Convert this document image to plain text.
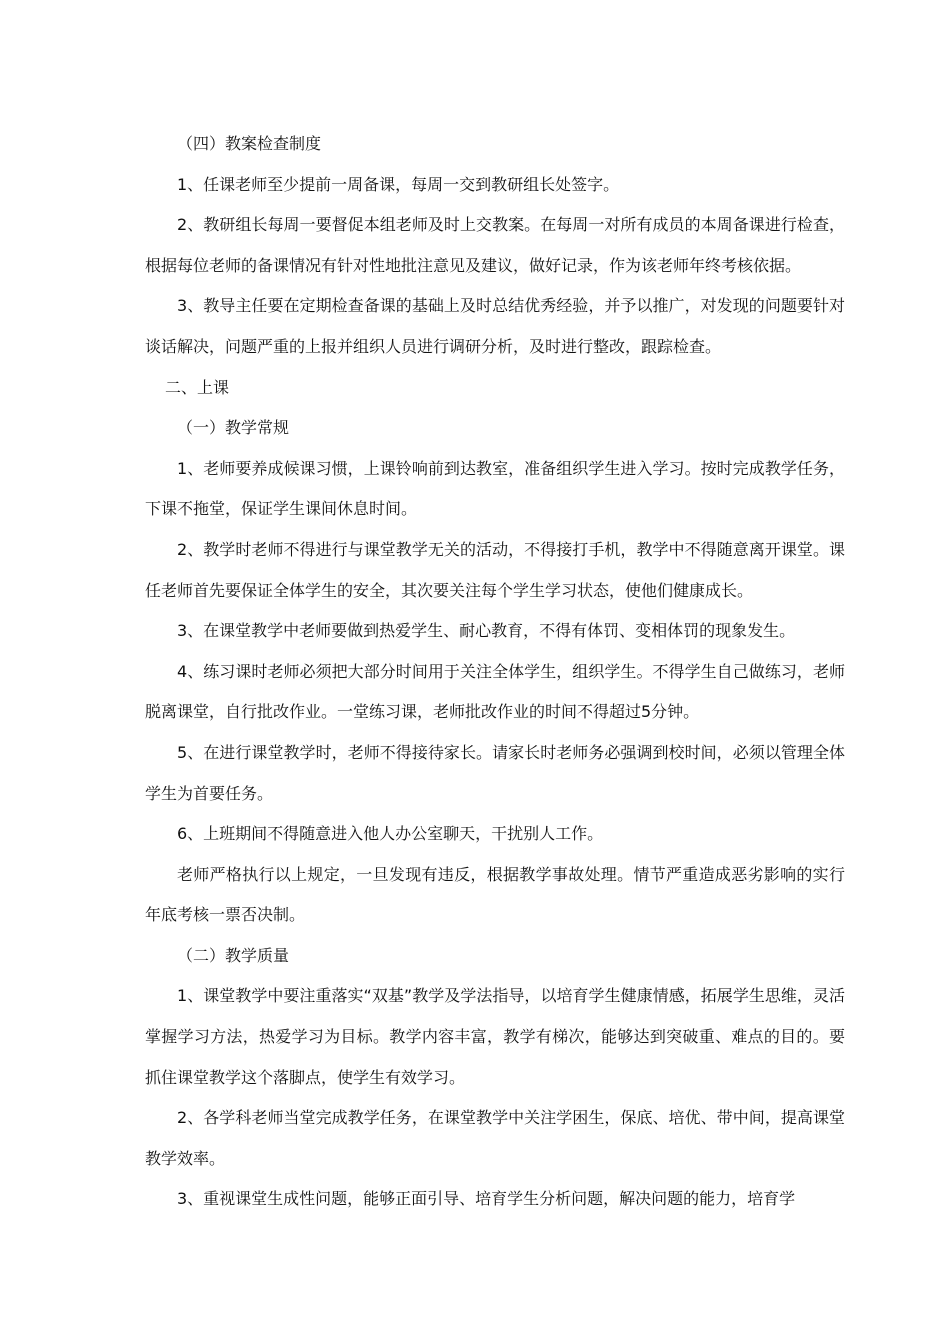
（四）教案检查制度

1、任课老师至少提前一周备课，每周一交到教研组长处签字。

2、教研组长每周一要督促本组老师及时上交教案。在每周一对所有成员的本周备课进行检查，根据每位老师的备课情况有针对性地批注意见及建议，做好记录，作为该老师年终考核依据。

3、教导主任要在定期检查备课的基础上及时总结优秀经验，并予以推广，对发现的问题要针对谈话解决，问题严重的上报并组织人员进行调研分析，及时进行整改，跟踪检查。

二、上课

（一）教学常规

1、老师要养成候课习惯，上课铃响前到达教室，准备组织学生进入学习。按时完成教学任务，下课不拖堂，保证学生课间休息时间。

2、教学时老师不得进行与课堂教学无关的活动，不得接打手机，教学中不得随意离开课堂。课任老师首先要保证全体学生的安全，其次要关注每个学生学习状态，使他们健康成长。

3、在课堂教学中老师要做到热爱学生、耐心教育，不得有体罚、变相体罚的现象发生。

4、练习课时老师必须把大部分时间用于关注全体学生，组织学生。不得学生自己做练习，老师脱离课堂，自行批改作业。一堂练习课，老师批改作业的时间不得超过5分钟。

5、在进行课堂教学时，老师不得接待家长。请家长时老师务必强调到校时间，必须以管理全体学生为首要任务。

6、上班期间不得随意进入他人办公室聊天，干扰别人工作。

老师严格执行以上规定，一旦发现有违反，根据教学事故处理。情节严重造成恶劣影响的实行年底考核一票否决制。

（二）教学质量

1、课堂教学中要注重落实“双基”教学及学法指导，以培育学生健康情感，拓展学生思维，灵活掌握学习方法，热爱学习为目标。教学内容丰富，教学有梯次，能够达到突破重、难点的目的。要抓住课堂教学这个落脚点，使学生有效学习。

2、各学科老师当堂完成教学任务，在课堂教学中关注学困生，保底、培优、带中间，提高课堂教学效率。

3、重视课堂生成性问题，能够正面引导、培育学生分析问题，解决问题的能力，培育学
